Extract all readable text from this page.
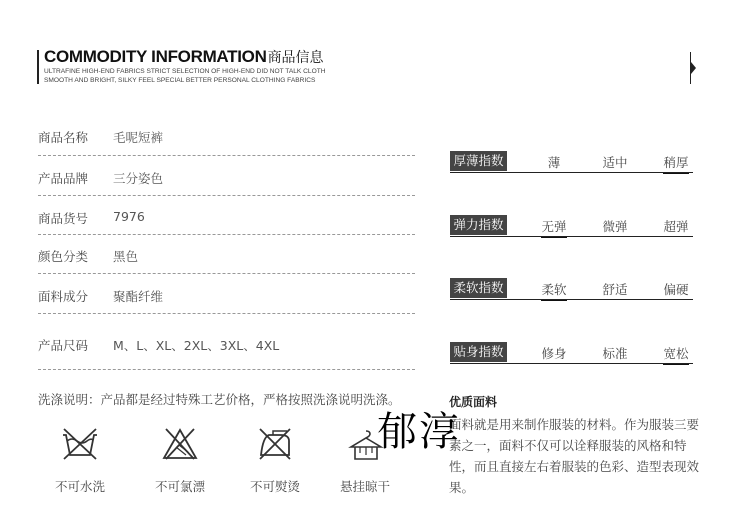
COMMODITY INFORMATION商品信息
ULTRAFINE HIGH-END FABRICS STRICT SELECTION OF HIGH-END DID NOT TALK CLOTH
SMOOTH AND BRIGHT, SILKY FEEL SPECIAL BETTER PERSONAL CLOTHING FABRICS
商品名称 毛呢短裤
产品品牌 三分姿色
商品货号 7976
颜色分类 黑色
面料成分 聚酯纤维
产品尺码 M、L、XL、2XL、3XL、4XL
厚薄指数	薄	适中	稍厚
弹力指数	无弹	微弹	超弹
柔软指数	柔软	舒适	偏硬
贴身指数	修身	标准	宽松
洗涤说明：产品都是经过特殊工艺价格，严格按照洗涤说明洗涤。
不可水洗	不可氯漂	不可熨烫	悬挂晾干
优质面料
面料就是用来制作服装的材料。作为服装三要素之一，面料不仅可以诠释服装的风格和特性，而且直接左右着服装的色彩、造型表现效果。
郁淳
